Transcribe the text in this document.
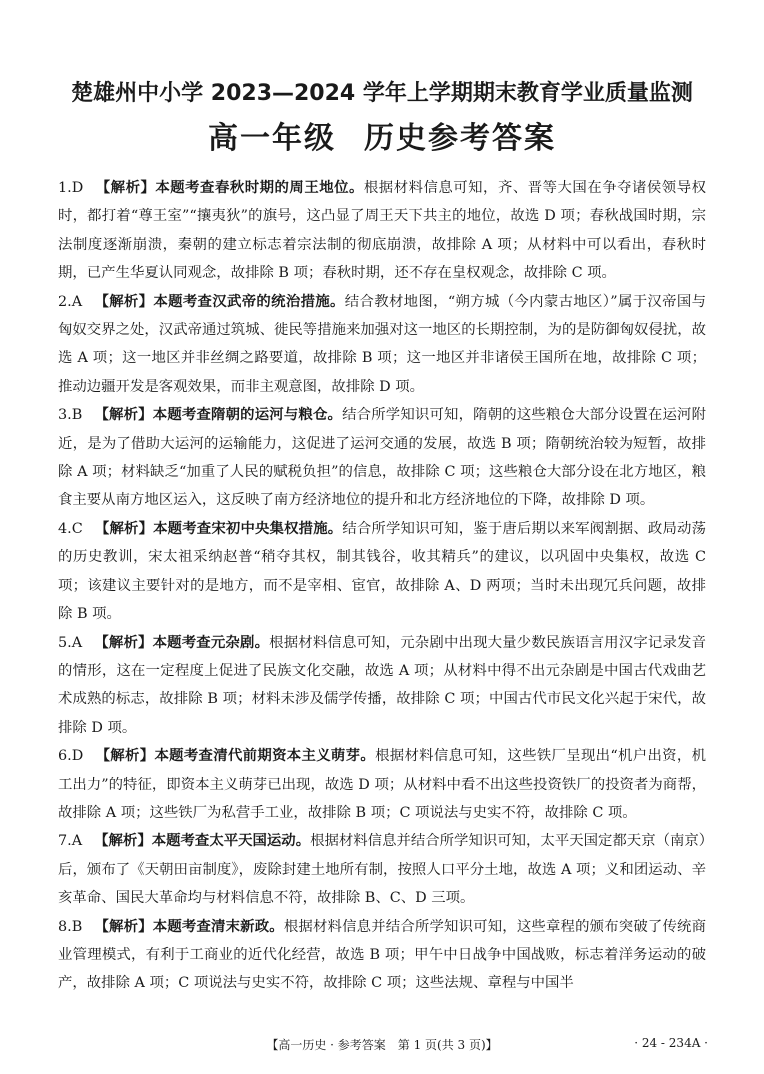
楚雄州中小学 2023—2024 学年上学期期末教育学业质量监测
高一年级 历史参考答案

1.D 【解析】本题考查春秋时期的周王地位。根据材料信息可知，齐、晋等大国在争夺诸侯领导权时，都打着“尊王室”“攘夷狄”的旗号，这凸显了周王天下共主的地位，故选 D 项；春秋战国时期，宗法制度逐渐崩溃，秦朝的建立标志着宗法制的彻底崩溃，故排除 A 项；从材料中可以看出，春秋时期，已产生华夏认同观念，故排除 B 项；春秋时期，还不存在皇权观念，故排除 C 项。

2.A 【解析】本题考查汉武帝的统治措施。结合教材地图，“朔方城（今内蒙古地区）”属于汉帝国与匈奴交界之处，汉武帝通过筑城、徙民等措施来加强对这一地区的长期控制，为的是防御匈奴侵扰，故选 A 项；这一地区并非丝绸之路要道，故排除 B 项；这一地区并非诸侯王国所在地，故排除 C 项；推动边疆开发是客观效果，而非主观意图，故排除 D 项。

3.B 【解析】本题考查隋朝的运河与粮仓。结合所学知识可知，隋朝的这些粮仓大部分设置在运河附近，是为了借助大运河的运输能力，这促进了运河交通的发展，故选 B 项；隋朝统治较为短暂，故排除 A 项；材料缺乏“加重了人民的赋税负担”的信息，故排除 C 项；这些粮仓大部分设在北方地区，粮食主要从南方地区运入，这反映了南方经济地位的提升和北方经济地位的下降，故排除 D 项。

4.C 【解析】本题考查宋初中央集权措施。结合所学知识可知，鉴于唐后期以来军阀割据、政局动荡的历史教训，宋太祖采纳赵普“稍夺其权，制其钱谷，收其精兵”的建议，以巩固中央集权，故选 C 项；该建议主要针对的是地方，而不是宰相、宦官，故排除 A、D 两项；当时未出现冗兵问题，故排除 B 项。

5.A 【解析】本题考查元杂剧。根据材料信息可知，元杂剧中出现大量少数民族语言用汉字记录发音的情形，这在一定程度上促进了民族文化交融，故选 A 项；从材料中得不出元杂剧是中国古代戏曲艺术成熟的标志，故排除 B 项；材料未涉及儒学传播，故排除 C 项；中国古代市民文化兴起于宋代，故排除 D 项。

6.D 【解析】本题考查清代前期资本主义萌芽。根据材料信息可知，这些铁厂呈现出“机户出资，机工出力”的特征，即资本主义萌芽已出现，故选 D 项；从材料中看不出这些投资铁厂的投资者为商帮，故排除 A 项；这些铁厂为私营手工业，故排除 B 项；C 项说法与史实不符，故排除 C 项。

7.A 【解析】本题考查太平天国运动。根据材料信息并结合所学知识可知，太平天国定都天京（南京）后，颁布了《天朝田亩制度》，废除封建土地所有制，按照人口平分土地，故选 A 项；义和团运动、辛亥革命、国民大革命均与材料信息不符，故排除 B、C、D 三项。

8.B 【解析】本题考查清末新政。根据材料信息并结合所学知识可知，这些章程的颁布突破了传统商业管理模式，有利于工商业的近代化经营，故选 B 项；甲午中日战争中国战败，标志着洋务运动的破产，故排除 A 项；C 项说法与史实不符，故排除 C 项；这些法规、章程与中国半

【高一历史 · 参考答案　第 1 页(共 3 页)】	· 24 - 234A ·
